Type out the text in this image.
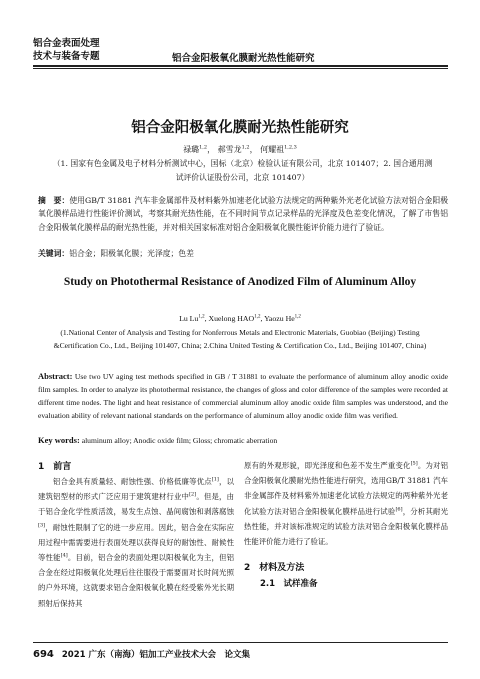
铝合金表面处理
技术与装备专题	铝合金阳极氧化膜耐光热性能研究
铝合金阳极氧化膜耐光热性能研究
禄璐$^{1,2}$， 郝雪龙$^{1,2}$， 何耀祖$^{1,2,3}$
（1. 国家有色金属及电子材料分析测试中心，国标（北京）检验认证有限公司，北京 101407；2. 国合通用测
试评价认证股份公司，北京 101407）
摘　要：使用GB/T 31881 汽车非金属部件及材料紫外加速老化试验方法规定的两种紫外光老化试验方法对铝合金阳极氧化膜样品进行性能评价测试，考察其耐光热性能，在不同时间节点记录样品的光泽度及色差变化情况，了解了市售铝合金阳极氧化膜样品的耐光热性能，并对相关国家标准对铝合金阳极氧化膜性能评价能力进行了验证。
关键词：铝合金；阳极氧化膜；光泽度；色差
Study on Photothermal Resistance of Anodized Film of Aluminum Alloy
Lu Lu$^{1,2}$, Xuelong HAO$^{1,2}$, Yaozu He$^{1,2}$
(1.National Center of Analysis and Testing for Nonferrous Metals and Electronic Materials, Guobiao (Beijing) Testing
&Certification Co., Ltd., Beijing 101407, China; 2.China United Testing & Certification Co., Ltd., Beijing 101407, China)
Abstract: Use two UV aging test methods specified in GB / T 31881 to evaluate the performance of aluminum alloy anodic oxide film samples. In order to analyze its photothermal resistance, the changes of gloss and color difference of the samples were recorded at different time nodes. The light and heat resistance of commercial aluminum alloy anodic oxide film samples was understood, and the evaluation ability of relevant national standards on the performance of aluminum alloy anodic oxide film was verified.
Key words: aluminum alloy; Anodic oxide film; Gloss; chromatic aberration
1　前言
  铝合金具有质量轻、耐蚀性强、价格低廉等优点[1]，以建筑铝型材的形式广泛应用于建筑建材行业中[2]。但是，由于铝合金化学性质活泼，易发生点蚀、晶间腐蚀和剥落腐蚀[3]，耐蚀性限制了它的进一步应用。因此，铝合金在实际应用过程中需需要进行表面处理以获得良好的耐蚀性、耐候性等性能[4]。目前，铝合金的表面处理以阳极氧化为主，但铝合金在经过阳极氧化处理后往往服役于需要面对长时间光照的户外环境，这就要求铝合金阳极氧化膜在经受紫外光长期照射后保持其
原有的外观形貌，即光泽度和色差不发生严重变化[5]。为对铝合金阳极氧化膜耐光热性能进行研究，选用GB/T 31881 汽车非金属部件及材料紫外加速老化试验方法规定的两种紫外光老化试验方法对铝合金阳极氧化膜样品进行试验[6]，分析其耐光热性能，并对该标准规定的试验方法对铝合金阳极氧化膜样品性能评价能力进行了验证。
2　材料及方法
2.1　试样准备
694 2021 广东（南海）铝加工产业技术大会　论文集
